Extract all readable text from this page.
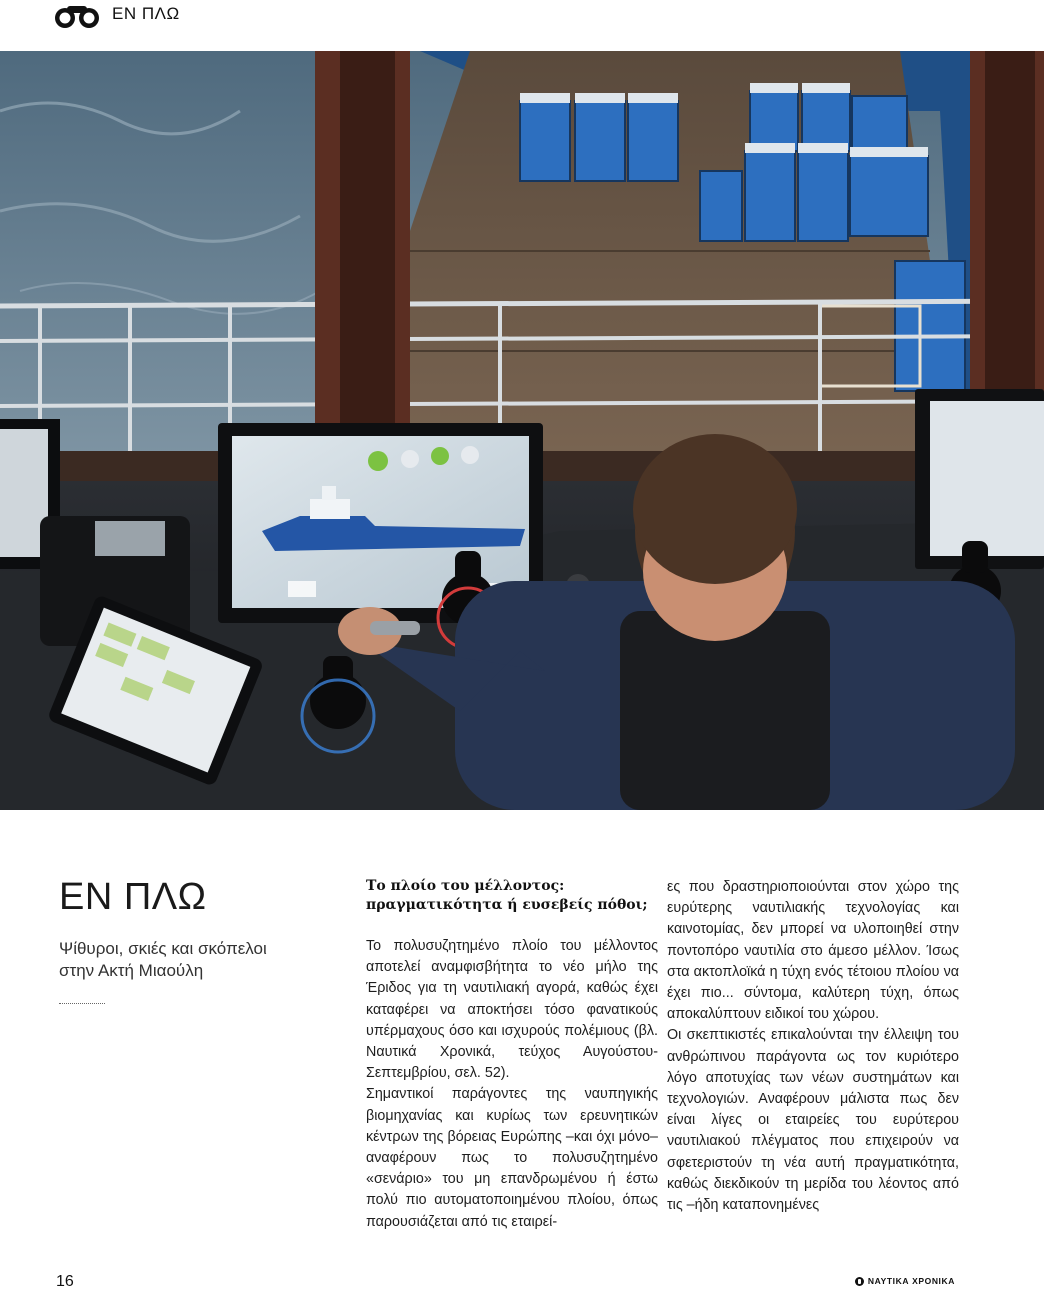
ΕΝ ΠΛΩ
ΕΝ ΠΛΩ
Ψίθυροι, σκιές και σκόπελοι στην Ακτή Μιαούλη
Το πλοίο του μέλλοντος: πραγματικότητα ή ευσεβείς πόθοι;

Το πολυσυζητημένο πλοίο του μέλλοντος αποτελεί αναμφισβήτητα το νέο μήλο της Έριδος για τη ναυτιλιακή αγορά, καθώς έχει καταφέρει να αποκτήσει τόσο φανατικούς υπέρμαχους όσο και ισχυρούς πολέμιους (βλ. Ναυτικά Χρονικά, τεύχος Αυγούστου-Σεπτεμβρίου, σελ. 52).

Σημαντικοί παράγοντες της ναυπηγικής βιομηχανίας και κυρίως των ερευνητικών κέντρων της βόρειας Ευρώπης –και όχι μόνο– αναφέρουν πως το πολυσυζητημένο «σενάριο» του μη επανδρωμένου ή έστω πολύ πιο αυτοματοποιημένου πλοίου, όπως παρουσιάζεται από τις εταιρεί-

ες που δραστηριοποιούνται στον χώρο της ευρύτερης ναυτιλιακής τεχνολογίας και καινοτομίας, δεν μπορεί να υλοποιηθεί στην ποντοπόρο ναυτιλία στο άμεσο μέλλον. Ίσως στα ακτοπλοϊκά η τύχη ενός τέτοιου πλοίου να έχει πιο... σύντομα, καλύτερη τύχη, όπως αποκαλύπτουν ειδικοί του χώρου.

Οι σκεπτικιστές επικαλούνται την έλλειψη του ανθρώπινου παράγοντα ως τον κυριότερο λόγο αποτυχίας των νέων συστημάτων και τεχνολογιών. Αναφέρουν μάλιστα πως δεν είναι λίγες οι εταιρείες του ευρύτερου ναυτιλιακού πλέγματος που επιχειρούν να σφετεριστούν τη νέα αυτή πραγματικότητα, καθώς διεκδικούν τη μερίδα του λέοντος από τις –ήδη καταπονημένες

16	ΝΑΥΤΙΚΑ ΧΡΟΝΙΚΑ
